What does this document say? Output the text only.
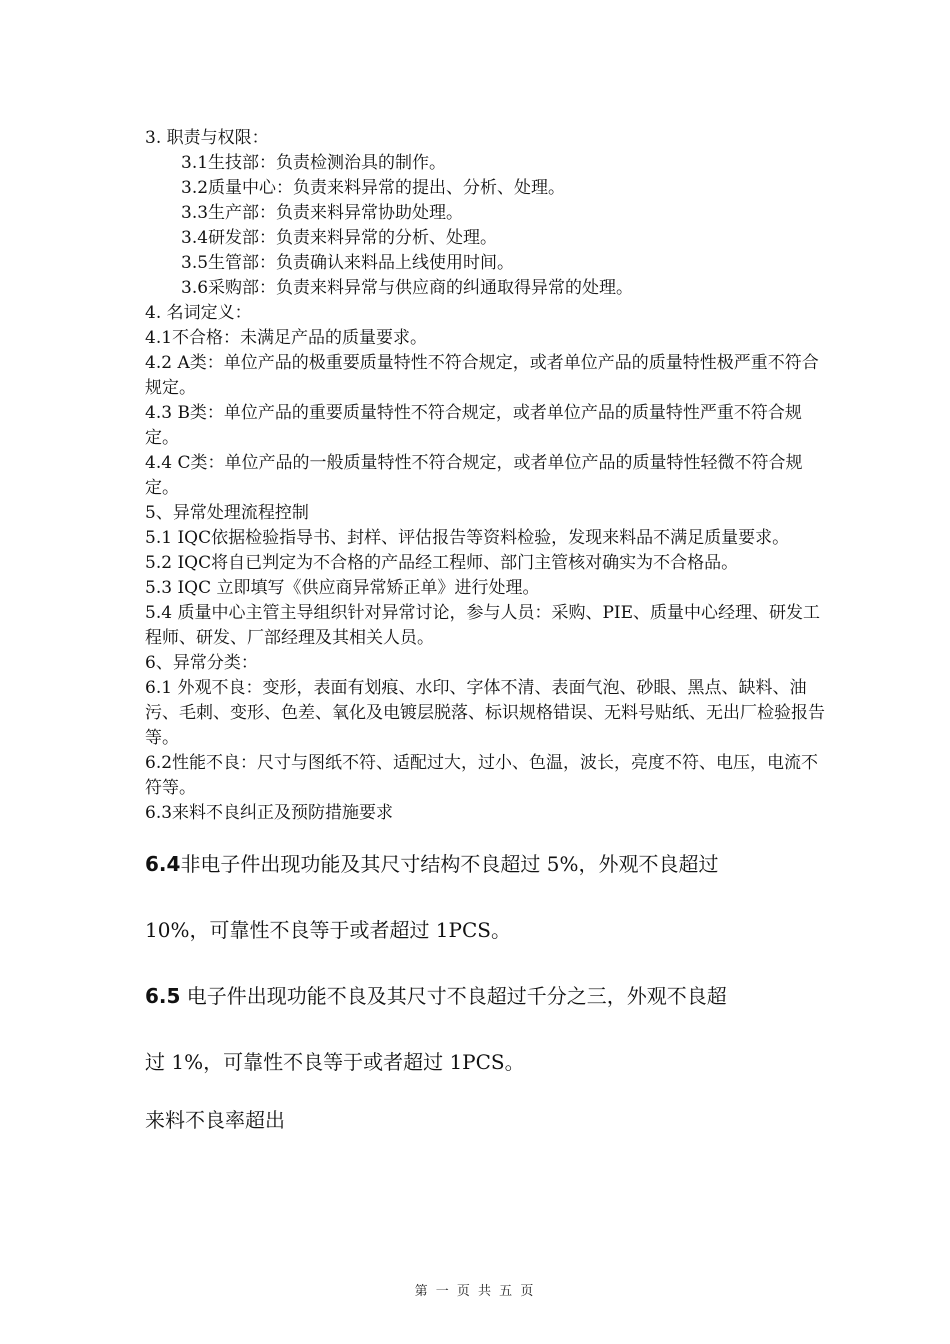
3. 职责与权限：

3.1生技部：负责检测治具的制作。

3.2质量中心：负责来料异常的提出、分析、处理。

3.3生产部：负责来料异常协助处理。

3.4研发部：负责来料异常的分析、处理。

3.5生管部：负责确认来料品上线使用时间。

3.6采购部：负责来料异常与供应商的纠通取得异常的处理。

4. 名词定义：

4.1不合格：未满足产品的质量要求。

4.2 A类：单位产品的极重要质量特性不符合规定，或者单位产品的质量特性极严重不符合规定。

4.3 B类：单位产品的重要质量特性不符合规定，或者单位产品的质量特性严重不符合规定。

4.4 C类：单位产品的一般质量特性不符合规定，或者单位产品的质量特性轻微不符合规定。

5、异常处理流程控制

5.1 IQC依据检验指导书、封样、评估报告等资料检验，发现来料品不满足质量要求。

5.2 IQC将自已判定为不合格的产品经工程师、部门主管核对确实为不合格品。

5.3 IQC 立即填写《供应商异常矫正单》进行处理。

5.4 质量中心主管主导组织针对异常讨论，参与人员：采购、PIE、质量中心经理、研发工程师、研发、厂部经理及其相关人员。

6、异常分类：

6.1 外观不良：变形，表面有划痕、水印、字体不清、表面气泡、砂眼、黑点、缺料、油污、毛刺、变形、色差、氧化及电镀层脱落、标识规格错误、无料号贴纸、无出厂检验报告等。

6.2性能不良：尺寸与图纸不符、适配过大，过小、色温，波长，亮度不符、电压，电流不符等。

6.3来料不良纠正及预防措施要求

6.4非电子件出现功能及其尺寸结构不良超过 5%，外观不良超过

10%，可靠性不良等于或者超过 1PCS。

6.5 电子件出现功能不良及其尺寸不良超过千分之三，外观不良超

过 1%，可靠性不良等于或者超过 1PCS。

来料不良率超出

第 一 页 共 五 页
